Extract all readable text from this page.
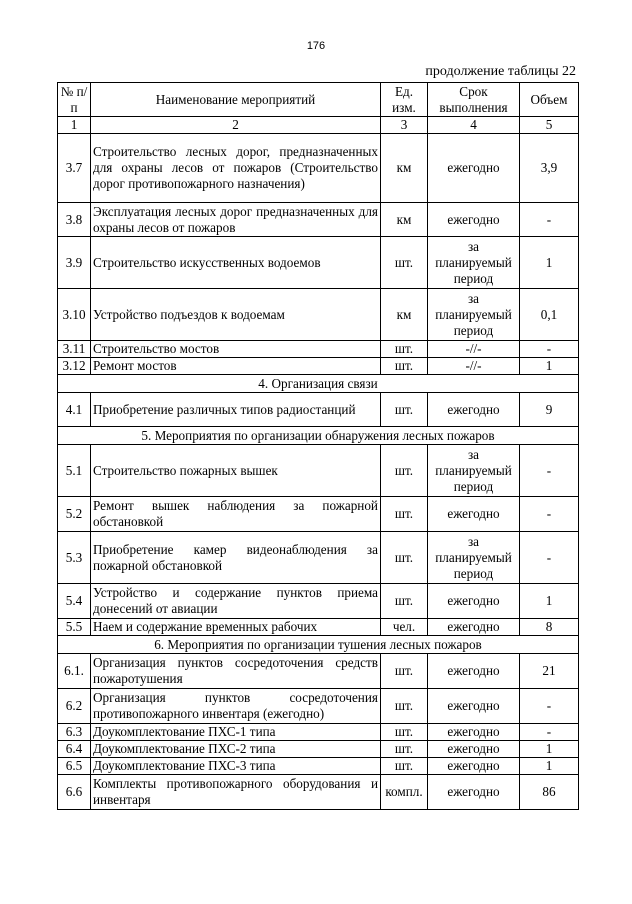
176
продолжение таблицы 22
№ п/п	Наименование мероприятий	Ед. изм.	Срок выполнения	Объем
1	2	3	4	5
3.7	Строительство лесных дорог, предназначенных для охраны лесов от пожаров (Строительство дорог противопожарного назначения)	км	ежегодно	3,9
3.8	Эксплуатация лесных дорог предназначенных для охраны лесов от пожаров	км	ежегодно	-
3.9	Строительство искусственных водоемов	шт.	за планируемый период	1
3.10	Устройство подъездов к водоемам	км	за планируемый период	0,1
3.11	Строительство мостов	шт.	-//-	-
3.12	Ремонт мостов	шт.	-//-	1
4. Организация связи				
4.1	Приобретение различных типов радиостанций	шт.	ежегодно	9
5. Мероприятия по организации обнаружения лесных пожаров				
5.1	Строительство пожарных вышек	шт.	за планируемый период	-
5.2	Ремонт вышек наблюдения за пожарной обстановкой	шт.	ежегодно	-
5.3	Приобретение камер видеонаблюдения за пожарной обстановкой	шт.	за планируемый период	-
5.4	Устройство и содержание пунктов приема донесений от авиации	шт.	ежегодно	1
5.5	Наем и содержание временных рабочих	чел.	ежегодно	8
6. Мероприятия по организации тушения лесных пожаров				
6.1.	Организация пунктов сосредоточения средств пожаротушения	шт.	ежегодно	21
6.2	Организация пунктов сосредоточения противопожарного инвентаря (ежегодно)	шт.	ежегодно	-
6.3	Доукомплектование ПХС-1 типа	шт.	ежегодно	-
6.4	Доукомплектование ПХС-2 типа	шт.	ежегодно	1
6.5	Доукомплектование ПХС-3 типа	шт.	ежегодно	1
6.6	Комплекты противопожарного оборудования и инвентаря	компл.	ежегодно	86
